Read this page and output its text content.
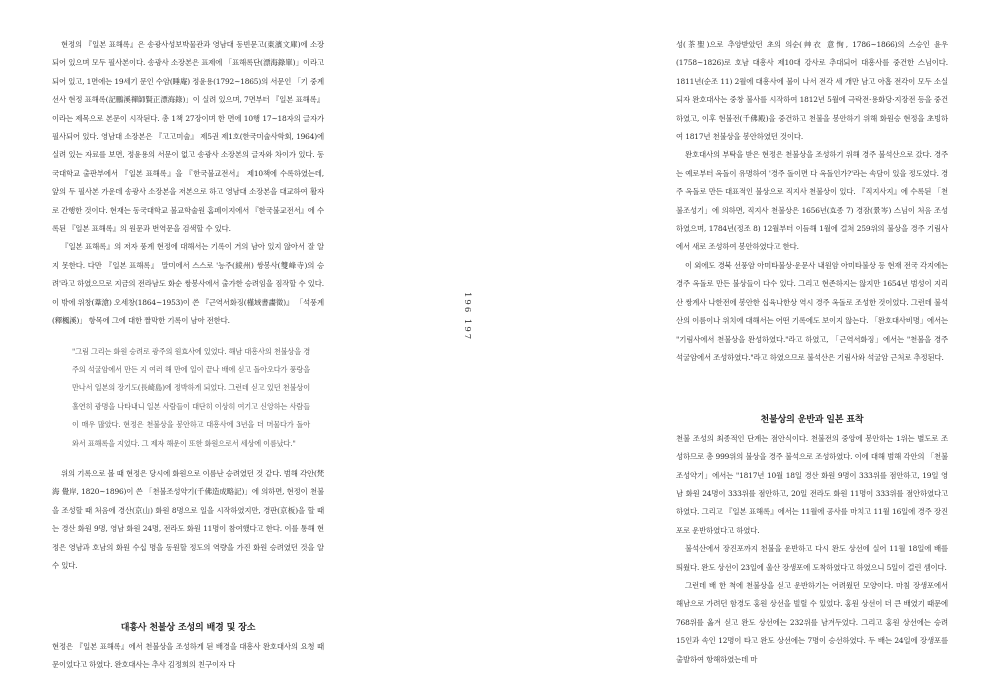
현정의 『일본 표해록』은 송광사성보박물관과 영남대 동빈문고(東濱文庫)에 소장되어 있으며 모두 필사본이다. 송광사 소장본은 표제에 「표해록단(漂海錄單)」이라고 되어 있고, 1면에는 19세기 문인 수암(睡庵) 정윤용(1792~1865)의 서문인 「기 중계선사 현정 표해록(記鵬溪禪師賢正漂海錄)」이 실려 있으며, 7면부터 『일본 표해록』이라는 제목으로 본문이 시작된다. 총 1책 27장이며 한 면에 10행 17~18자의 글자가 필사되어 있다. 영남대 소장본은 『고고미술』 제5권 제1호(한국미술사학회, 1964)에 실려 있는 자료를 보면, 정윤용의 서문이 없고 송광사 소장본의 글자와 차이가 있다. 동국대학교 출판부에서 『일본 표해록』을 『한국불교전서』 제10책에 수록하였는데, 앞의 두 필사본 가운데 송광사 소장본을 저본으로 하고 영남대 소장본을 대교하여 활자로 간행한 것이다. 현재는 동국대학교 불교학술원 홈페이지에서 『한국불교전서』에 수록된 『일본 표해록』의 원문과 번역문을 검색할 수 있다.

『일본 표해록』의 저자 풍계 현정에 대해서는 기록이 거의 남아 있지 않아서 잘 알지 못한다. 다만 『일본 표해록』 말미에서 스스로 '능주(綾州) 쌍봉사(雙峰寺)의 승려'라고 하였으므로 지금의 전라남도 화순 쌍봉사에서 출가한 승려임을 짐작할 수 있다. 이 밖에 위창(葦滄) 오세창(1864~1953)이 쓴 『근역서화징(槿域書畵徵)』 「석풍계(釋楓溪)」 항목에 그에 대한 짤막한 기록이 남아 전한다.

"그림 그리는 화원 승려로 광주의 원효사에 있었다. 해남 대흥사의 천불상을 경주의 석굴암에서 만든 지 여러 해 만에 일이 끝나 배에 싣고 돌아오다가 풍랑을 만나서 일본의 장기도(長崎島)에 정박하게 되었다. 그런데 싣고 있던 천불상이 홀연히 광명을 나타내니 일본 사람들이 대단히 이상히 여기고 신앙하는 사람들이 매우 많았다. 현정은 천불상을 봉안하고 대흥사에 3년을 더 머물다가 돌아와서 표해록을 지었다. 그 제자 해운이 또한 화원으로서 세상에 이름났다."

위의 기록으로 볼 때 현정은 당시에 화원으로 이름난 승려였던 것 같다. 범해 각안(梵海 覺岸, 1820~1896)이 쓴 「천불조성약기(千佛造成略記)」에 의하면, 현정이 천불을 조성할 때 처음에 경산(京山) 화원 8명으로 일을 시작하였지만, 경판(京板)을 할 때는 경산 화원 9명, 영남 화원 24명, 전라도 화원 11명이 참여했다고 한다. 이를 통해 현정은 영남과 호남의 화원 수십 명을 동원할 정도의 역량을 가진 화원 승려였던 것을 알 수 있다.

대흥사 천불상 조성의 배경 및 장소

현정은 『일본 표해록』에서 천불상을 조성하게 된 배경을 대흥사 완호대사의 요청 때문이었다고 하였다. 완호대사는 추사 김정희의 친구이자 다

성(茶聖)으로 추앙받았던 초의 의순(艸衣 意恂, 1786~1866)의 스승인 윤우(1758~1826)로 호남 대흥사 제10대 강사로 추대되어 대흥사를 중건한 스님이다. 1811년(순조 11) 2월에 대흥사에 불이 나서 전각 세 개만 남고 아홉 전각이 모두 소실되자 완호대사는 중창 불사를 시작하여 1812년 5월에 극락전·용화당·지장전 등을 중건하였고, 이후 현불전(千佛殿)을 중건하고 천불을 봉안하기 위해 화원승 현정을 초빙하여 1817년 천불상을 봉안하였던 것이다.

완호대사의 부탁을 받은 현정은 천불상을 조성하기 위해 경주 불석산으로 갔다. 경주는 예로부터 옥돌이 유명하여 '경주 돌이면 다 옥돌인가?'라는 속담이 있을 정도였다. 경주 옥돌로 만든 대표적인 불상으로 직지사 천불상이 있다. 『직지사지』에 수록된 「천불조성기」에 의하면, 직지사 천불상은 1656년(효종 7) 경잠(景岑) 스님이 처음 조성하였으며, 1784년(정조 8) 12월부터 이듬해 1월에 걸쳐 259위의 불상을 경주 기림사에서 새로 조성하여 봉안하였다고 한다.

이 외에도 경북 선풍암 아미타불상·운문사 내원암 아미타불상 등 현재 전국 각지에는 경주 옥돌로 만든 불상들이 다수 있다. 그리고 현존하지는 않지만 1654년 범성이 지리산 쌍계사 나한전에 봉안한 십육나한상 역시 경주 옥돌로 조성한 것이었다. 그런데 불석산의 이름이나 위치에 대해서는 어떤 기록에도 보이지 않는다. 「완호대사비명」에서는 "기림사에서 천불상을 완성하였다."라고 하였고, 「근역서화징」에서는 "천불을 경주 석굴암에서 조성하였다."라고 하였으므로 불석산은 기림사와 석굴암 근처로 추정된다.

천불상의 운반과 일본 표착

천불 조성의 최종적인 단계는 점안식이다. 천불전의 중앙에 봉안하는 1위는 별도로 조성하므로 총 999위의 불상을 경주 불석으로 조성하였다. 이에 대해 범해 각안의 「천불조성약기」에서는 "1817년 10월 18일 경산 화원 9명이 333위를 점안하고, 19일 영남 화원 24명이 333위를 점안하고, 20일 전라도 화원 11명이 333위를 점안하였다고 하였다. 그리고 『일본 표해록』에서는 11월에 공사를 마치고 11월 16일에 경주 장진포로 운반하였다고 하였다.

불석산에서 장진포까지 천불을 운반하고 다시 완도 상선에 실어 11월 18일에 배를 띄웠다. 완도 상선이 23일에 울산 장생포에 도착하였다고 하였으니 5일이 걸린 셈이다.

그런데 배 한 척에 천불상을 싣고 운반하기는 어려웠던 모양이다. 마침 장생포에서 해남으로 가려던 함경도 홍원 상선을 빌릴 수 있었다. 홍원 상선이 더 큰 배였기 때문에 768위를 옮겨 싣고 완도 상선에는 232위를 남겨두었다. 그리고 홍원 상선에는 승려 15인과 속인 12명이 타고 완도 상선에는 7명이 승선하였다. 두 배는 24일에 장생포를 출발하여 항해하였는데 마

196 197
